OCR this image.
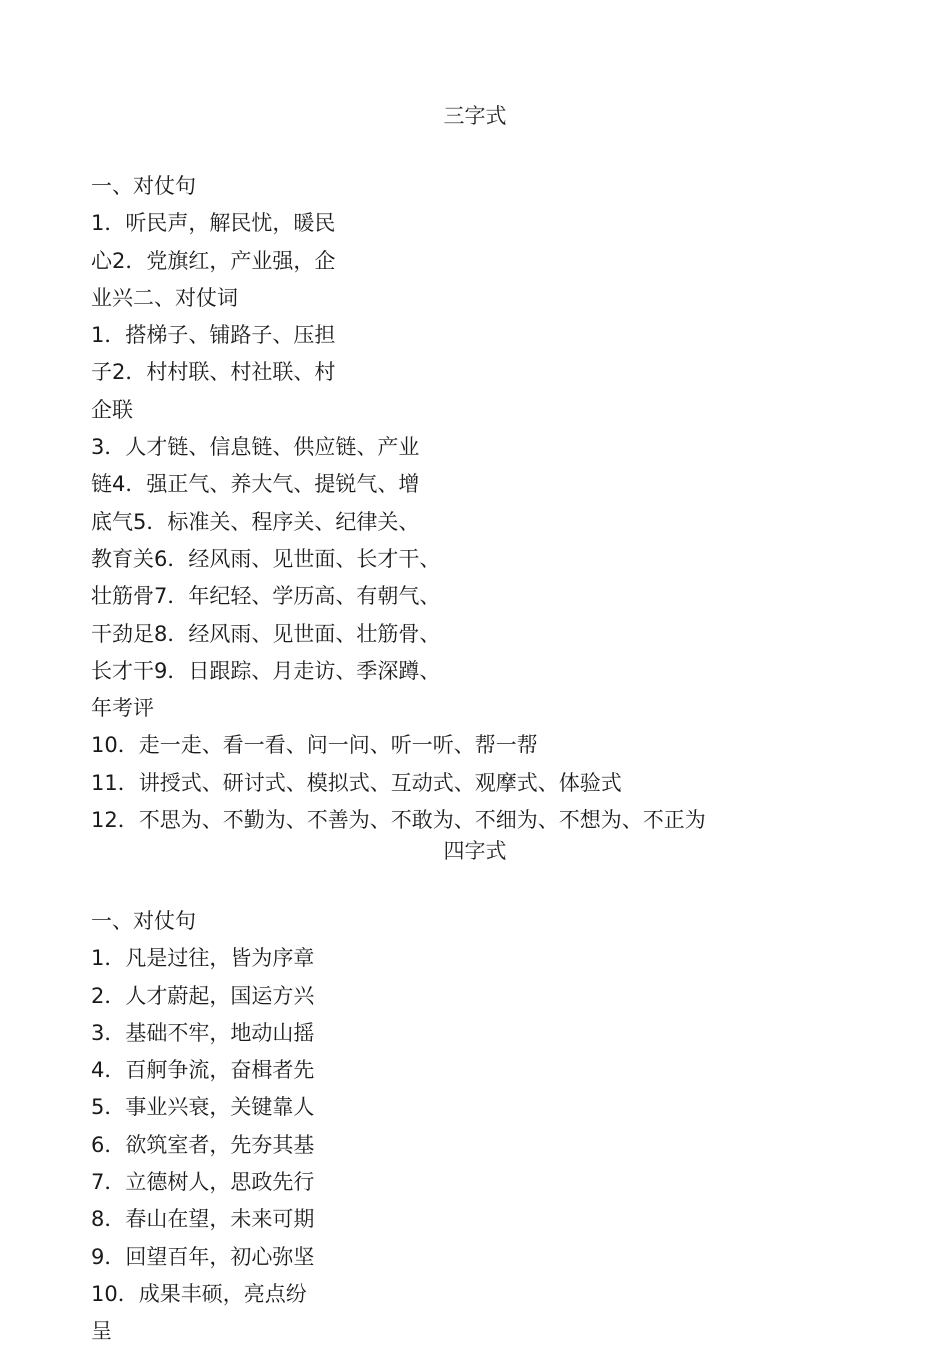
三字式
一、对仗句
1．听民声，解民忧，暖民
心2．党旗红，产业强，企
业兴二、对仗词
1．搭梯子、铺路子、压担
子2．村村联、村社联、村
企联
3．人才链、信息链、供应链、产业
链4．强正气、养大气、提锐气、增
底气5．标准关、程序关、纪律关、
教育关6．经风雨、见世面、长才干、
壮筋骨7．年纪轻、学历高、有朝气、
干劲足8．经风雨、见世面、壮筋骨、
长才干9．日跟踪、月走访、季深蹲、
年考评
10．走一走、看一看、问一问、听一听、帮一帮
11．讲授式、研讨式、模拟式、互动式、观摩式、体验式
12．不思为、不勤为、不善为、不敢为、不细为、不想为、不正为
四字式
一、对仗句
1．凡是过往，皆为序章
2．人才蔚起，国运方兴
3．基础不牢，地动山摇
4．百舸争流，奋楫者先
5．事业兴衰，关键靠人
6．欲筑室者，先夯其基
7．立德树人，思政先行
8．春山在望，未来可期
9．回望百年，初心弥坚
10．成果丰硕，亮点纷
呈
